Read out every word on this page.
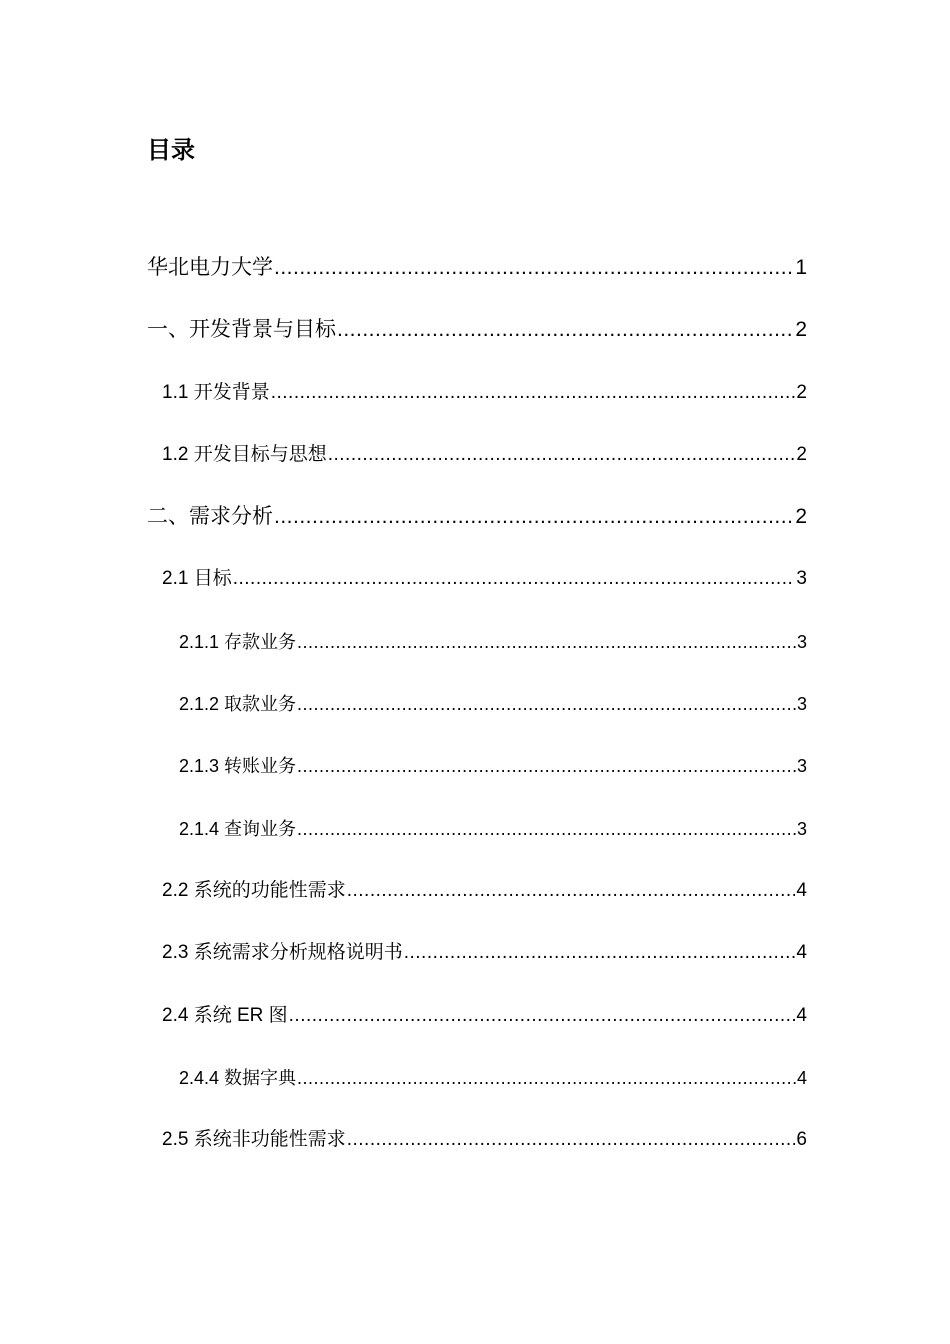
目录
华北电力大学 .....	1
一、开发背景与目标 .....	2
1.1 开发背景 .....	2
1.2 开发目标与思想 .....	2
二、需求分析 .....	2
2.1 目标 .....	3
2.1.1 存款业务 .....	3
2.1.2 取款业务 .....	3
2.1.3 转账业务 .....	3
2.1.4 查询业务 .....	3
2.2 系统的功能性需求 .....	4
2.3 系统需求分析规格说明书 .....	4
2.4 系统 ER 图 .....	4
2.4.4 数据字典 .....	4
2.5 系统非功能性需求 .....	6
